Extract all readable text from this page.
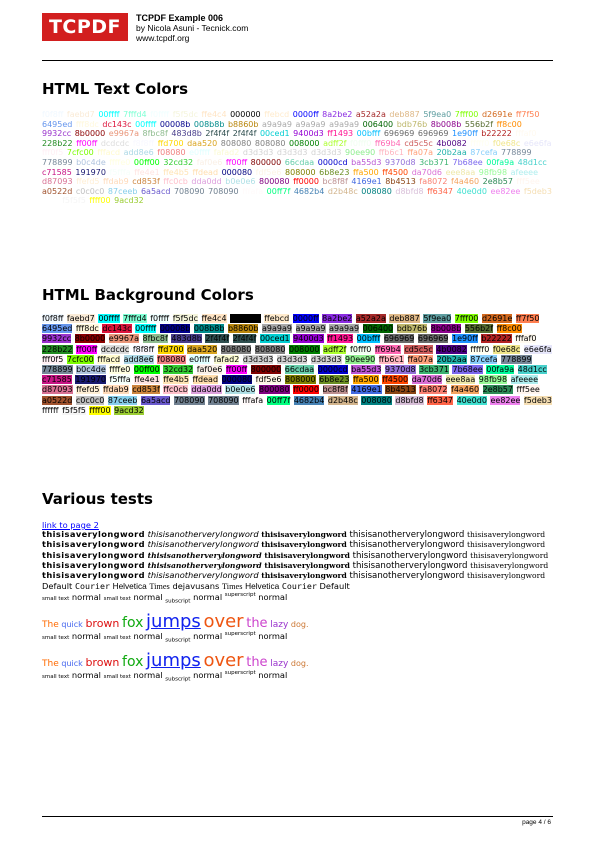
TCPDF	TCPDF Example 006
by Nicola Asuni - Tecnick.com
www.tcpdf.org
HTML Text Colors
f0f8ff faebd7 00ffff 7fffd4 f0ffff f5f5dc ffe4c4 000000 ffebcd 0000ff 8a2be2 a52a2a deb887 5f9ea0 7fff00 d2691e ff7f50 6495ed fff8dc dc143c 00ffff 00008b 008b8b b8860b a9a9a9 a9a9a9 a9a9a9 006400 bdb76b 8b008b 556b2f ff8c00 9932cc 8b0000 e9967a 8fbc8f 483d8b 2f4f4f 2f4f4f 00ced1 9400d3 ff1493 00bfff 696969 696969 1e90ff b22222 fffaf0 228b22 ff00ff dcdcdc f8f8ff ffd700 daa520 808080 808080 008000 adff2f f0fff0 ff69b4 cd5c5c 4b0082 fffff0 f0e68c e6e6fa fff0f5 7cfc00 fffacd add8e6 f08080 e0ffff fafad2 d3d3d3 d3d3d3 d3d3d3 90ee90 ffb6c1 ffa07a 20b2aa 87cefa 778899 778899 b0c4de ffffe0 00ff00 32cd32 faf0e6 ff00ff 800000 66cdaa 0000cd ba55d3 9370d8 3cb371 7b68ee 00fa9a 48d1cc c71585 191970 f5fffa ffe4e1 ffe4b5 ffdead 000080 fdf5e6 808000 6b8e23 ffa500 ff4500 da70d6 eee8aa 98fb98 afeeee d87093 ffefd5 ffdab9 cd853f ffc0cb dda0dd b0e0e6 800080 ff0000 bc8f8f 4169e1 8b4513 fa8072 f4a460 2e8b57 fff5ee a0522d c0c0c0 87ceeb 6a5acd 708090 708090 fffafa 00ff7f 4682b4 d2b48c 008080 d8bfd8 ff6347 40e0d0 ee82ee f5deb3 ffffff f5f5f5 ffff00 9acd32
HTML Background Colors
f0f8ff faebd7 00ffff 7fffd4 f0ffff f5f5dc ffe4c4 000000 ffebcd 0000ff 8a2be2 a52a2a deb887 5f9ea0 7fff00 d2691e ff7f50 6495ed fff8dc dc143c 00ffff 00008b 008b8b b8860b a9a9a9 a9a9a9 a9a9a9 006400 bdb76b 8b008b 556b2f ff8c00 9932cc 8b0000 e9967a 8fbc8f 483d8b 2f4f4f 2f4f4f 00ced1 9400d3 ff1493 00bfff 696969 696969 1e90ff b22222 fffaf0 228b22 ff00ff dcdcdc f8f8ff ffd700 daa520 808080 808080 008000 adff2f f0fff0 ff69b4 cd5c5c 4b0082 fffff0 f0e68c e6e6fa fff0f5 7cfc00 fffacd add8e6 f08080 e0ffff fafad2 d3d3d3 d3d3d3 d3d3d3 90ee90 ffb6c1 ffa07a 20b2aa 87cefa 778899 778899 b0c4de ffffe0 00ff00 32cd32 faf0e6 ff00ff 800000 66cdaa 0000cd ba55d3 9370d8 3cb371 7b68ee 00fa9a 48d1cc c71585 191970 f5fffa ffe4e1 ffe4b5 ffdead 000080 fdf5e6 808000 6b8e23 ffa500 ff4500 da70d6 eee8aa 98fb98 afeeee d87093 ffefd5 ffdab9 cd853f ffc0cb dda0dd b0e0e6 800080 ff0000 bc8f8f 4169e1 8b4513 fa8072 f4a460 2e8b57 fff5ee a0522d c0c0c0 87ceeb 6a5acd 708090 708090 fffafa 00ff7f 4682b4 d2b48c 008080 d8bfd8 ff6347 40e0d0 ee82ee f5deb3 ffffff f5f5f5 ffff00 9acd32
Various tests
link to page 2
thisisaverylongword thisisanotherverylongword thisisaverylongword thisisanotherverylongword thisisaverylongword thisisaverylongword thisisanotherverylongword thisisaverylongword thisisanotherverylongword thisisaverylongword thisisaverylongword thisisanotherverylongword thisisaverylongword thisisanotherverylongword thisisaverylongword thisisaverylongword thisisanotherverylongword thisisaverylongword thisisanotherverylongword thisisaverylongword thisisaverylongword thisisanotherverylongword thisisaverylongword thisisanotherverylongword thisisaverylongword
Default Courier Helvetica Times dejavusans Times Helvetica Courier Default
small text normal small text normal $_{subscript}$ normal $^{superscript}$ normal
The quick brown fox jumps over the lazy dog.
small text normal small text normal $_{subscript}$ normal $^{superscript}$ normal
The quick brown fox jumps over the lazy dog.
small text normal small text normal $_{subscript}$ normal $^{superscript}$ normal
page 4 / 6
